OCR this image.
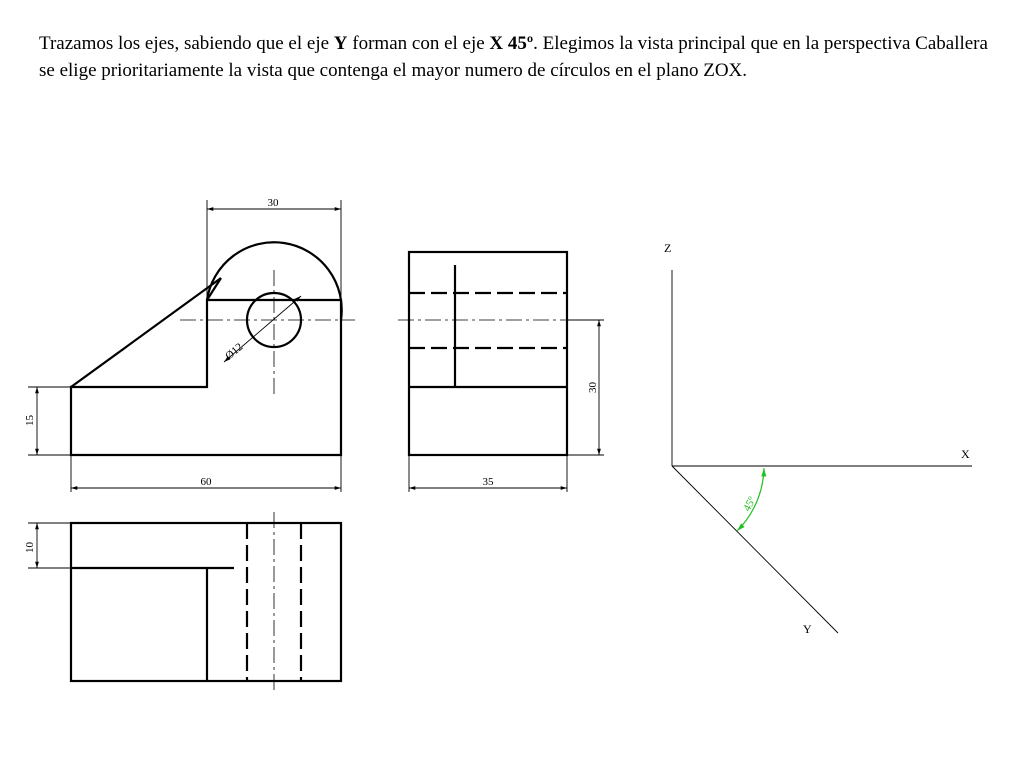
Trazamos los ejes, sabiendo que el eje Y forman con el eje X 45º. Elegimos la vista principal que en la perspectiva Caballera se elige prioritariamente la vista que contenga el mayor numero de círculos en el plano ZOX.

Ø12
30
15
60
30
35
10
Z
X
Y
45º
